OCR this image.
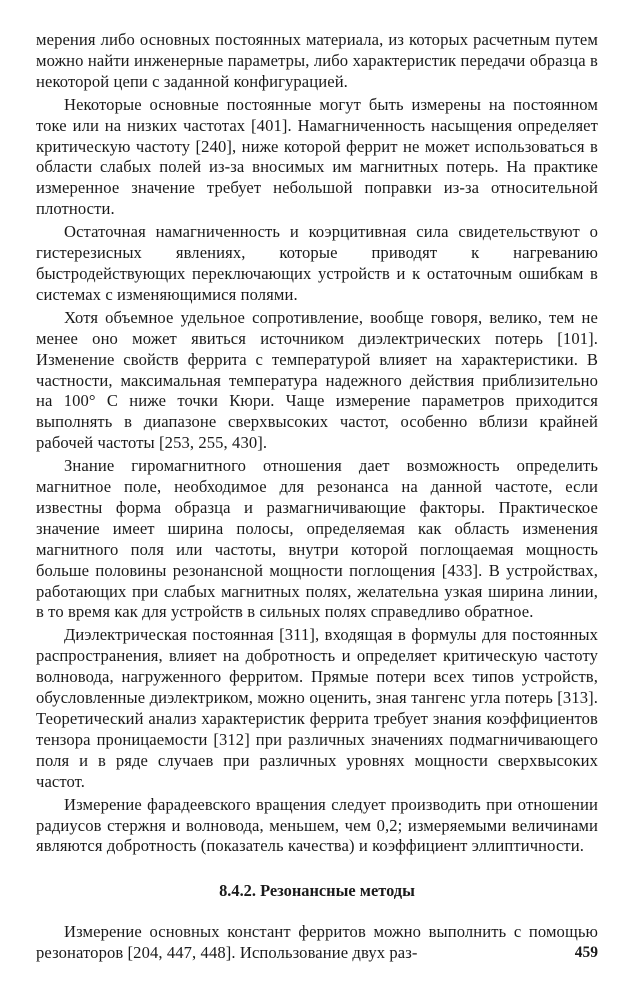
мерения либо основных постоянных материала, из которых расчетным путем можно найти инженерные параметры, либо характеристик передачи образца в некоторой цепи с заданной конфигурацией.

Некоторые основные постоянные могут быть измерены на постоянном токе или на низких частотах [401]. Намагниченность насыщения определяет критическую частоту [240], ниже которой феррит не может использоваться в области слабых полей из-за вносимых им магнитных потерь. На практике измеренное значение требует небольшой поправки из-за относительной плотности.

Остаточная намагниченность и коэрцитивная сила свидетельствуют о гистерезисных явлениях, которые приводят к нагреванию быстродействующих переключающих устройств и к остаточным ошибкам в системах с изменяющимися полями.

Хотя объемное удельное сопротивление, вообще говоря, велико, тем не менее оно может явиться источником диэлектрических потерь [101]. Изменение свойств феррита с температурой влияет на характеристики. В частности, максимальная температура надежного действия приблизительно на 100° С ниже точки Кюри. Чаще измерение параметров приходится выполнять в диапазоне сверхвысоких частот, особенно вблизи крайней рабочей частоты [253, 255, 430].

Знание гиромагнитного отношения дает возможность определить магнитное поле, необходимое для резонанса на данной частоте, если известны форма образца и размагничивающие факторы. Практическое значение имеет ширина полосы, определяемая как область изменения магнитного поля или частоты, внутри которой поглощаемая мощность больше половины резонансной мощности поглощения [433]. В устройствах, работающих при слабых магнитных полях, желательна узкая ширина линии, в то время как для устройств в сильных полях справедливо обратное.

Диэлектрическая постоянная [311], входящая в формулы для постоянных распространения, влияет на добротность и определяет критическую частоту волновода, нагруженного ферритом. Прямые потери всех типов устройств, обусловленные диэлектриком, можно оценить, зная тангенс угла потерь [313]. Теоретический анализ характеристик феррита требует знания коэффициентов тензора проницаемости [312] при различных значениях подмагничивающего поля и в ряде случаев при различных уровнях мощности сверхвысоких частот.

Измерение фарадеевского вращения следует производить при отношении радиусов стержня и волновода, меньшем, чем 0,2; измеряемыми величинами являются добротность (показатель качества) и коэффициент эллиптичности.

8.4.2. Резонансные методы

Измерение основных констант ферритов можно выполнить с помощью резонаторов [204, 447, 448]. Использование двух раз-	459
